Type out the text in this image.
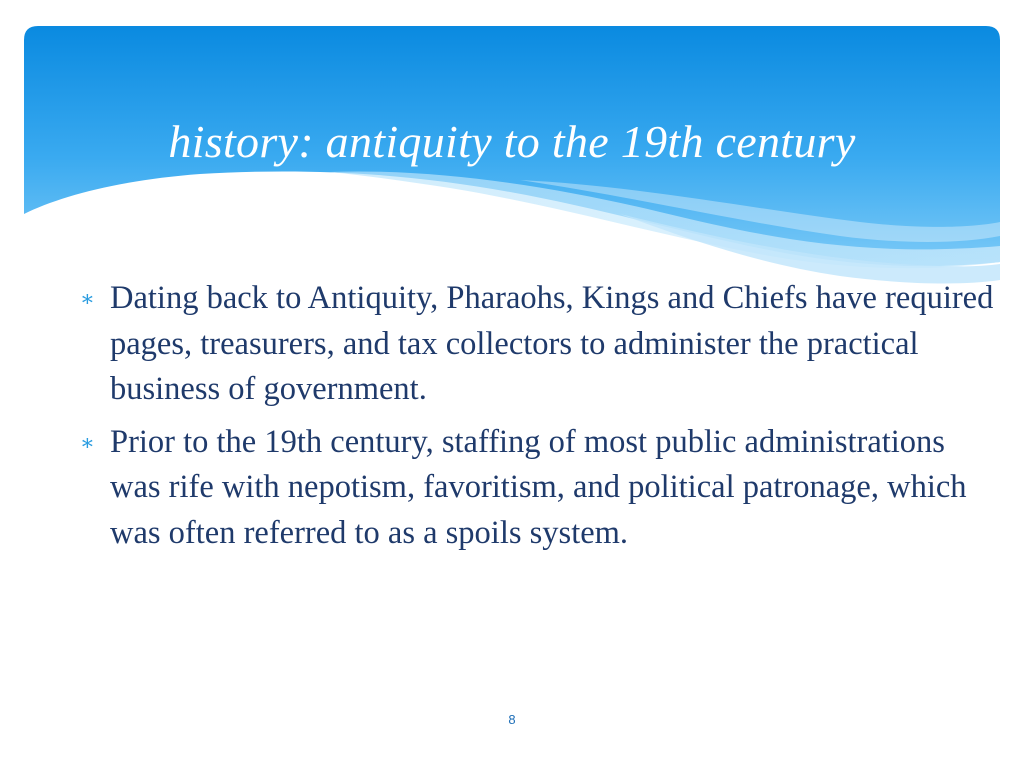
history: antiquity to the 19th century
∗ Dating back to Antiquity, Pharaohs, Kings and Chiefs have required pages, treasurers, and tax collectors to administer the practical business of government.
∗ Prior to the 19th century, staffing of most public administrations was rife with nepotism, favoritism, and political patronage, which was often referred to as a spoils system.
8
